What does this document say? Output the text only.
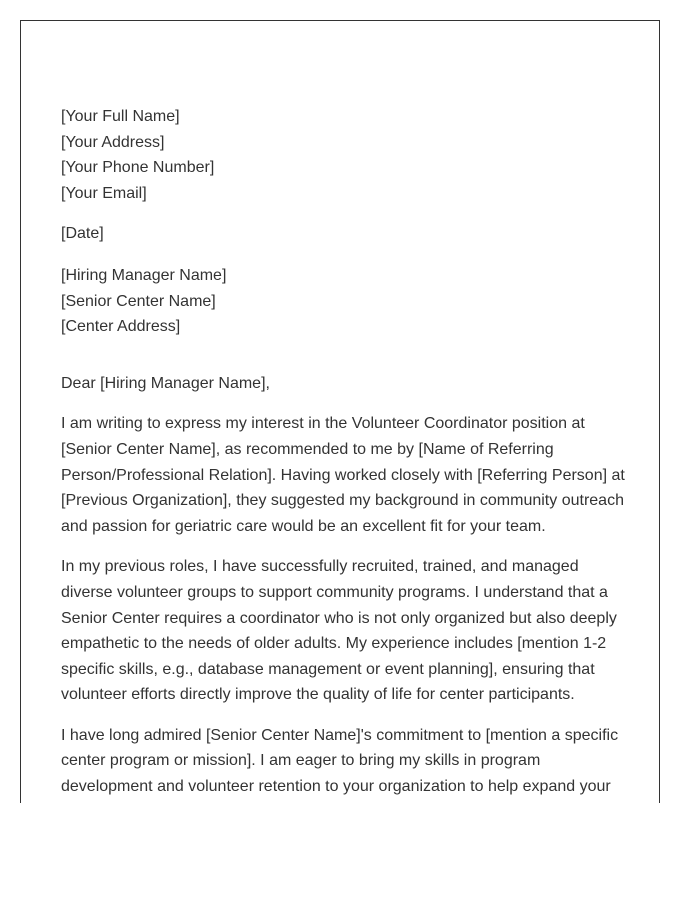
[Your Full Name]
[Your Address]
[Your Phone Number]
[Your Email]
[Date]
[Hiring Manager Name]
[Senior Center Name]
[Center Address]
Dear [Hiring Manager Name],

I am writing to express my interest in the Volunteer Coordinator position at [Senior Center Name], as recommended to me by [Name of Referring Person/Professional Relation]. Having worked closely with [Referring Person] at [Previous Organization], they suggested my background in community outreach and passion for geriatric care would be an excellent fit for your team.

In my previous roles, I have successfully recruited, trained, and managed diverse volunteer groups to support community programs. I understand that a Senior Center requires a coordinator who is not only organized but also deeply empathetic to the needs of older adults. My experience includes [mention 1-2 specific skills, e.g., database management or event planning], ensuring that volunteer efforts directly improve the quality of life for center participants.

I have long admired [Senior Center Name]'s commitment to [mention a specific center program or mission]. I am eager to bring my skills in program development and volunteer retention to your organization to help expand your
